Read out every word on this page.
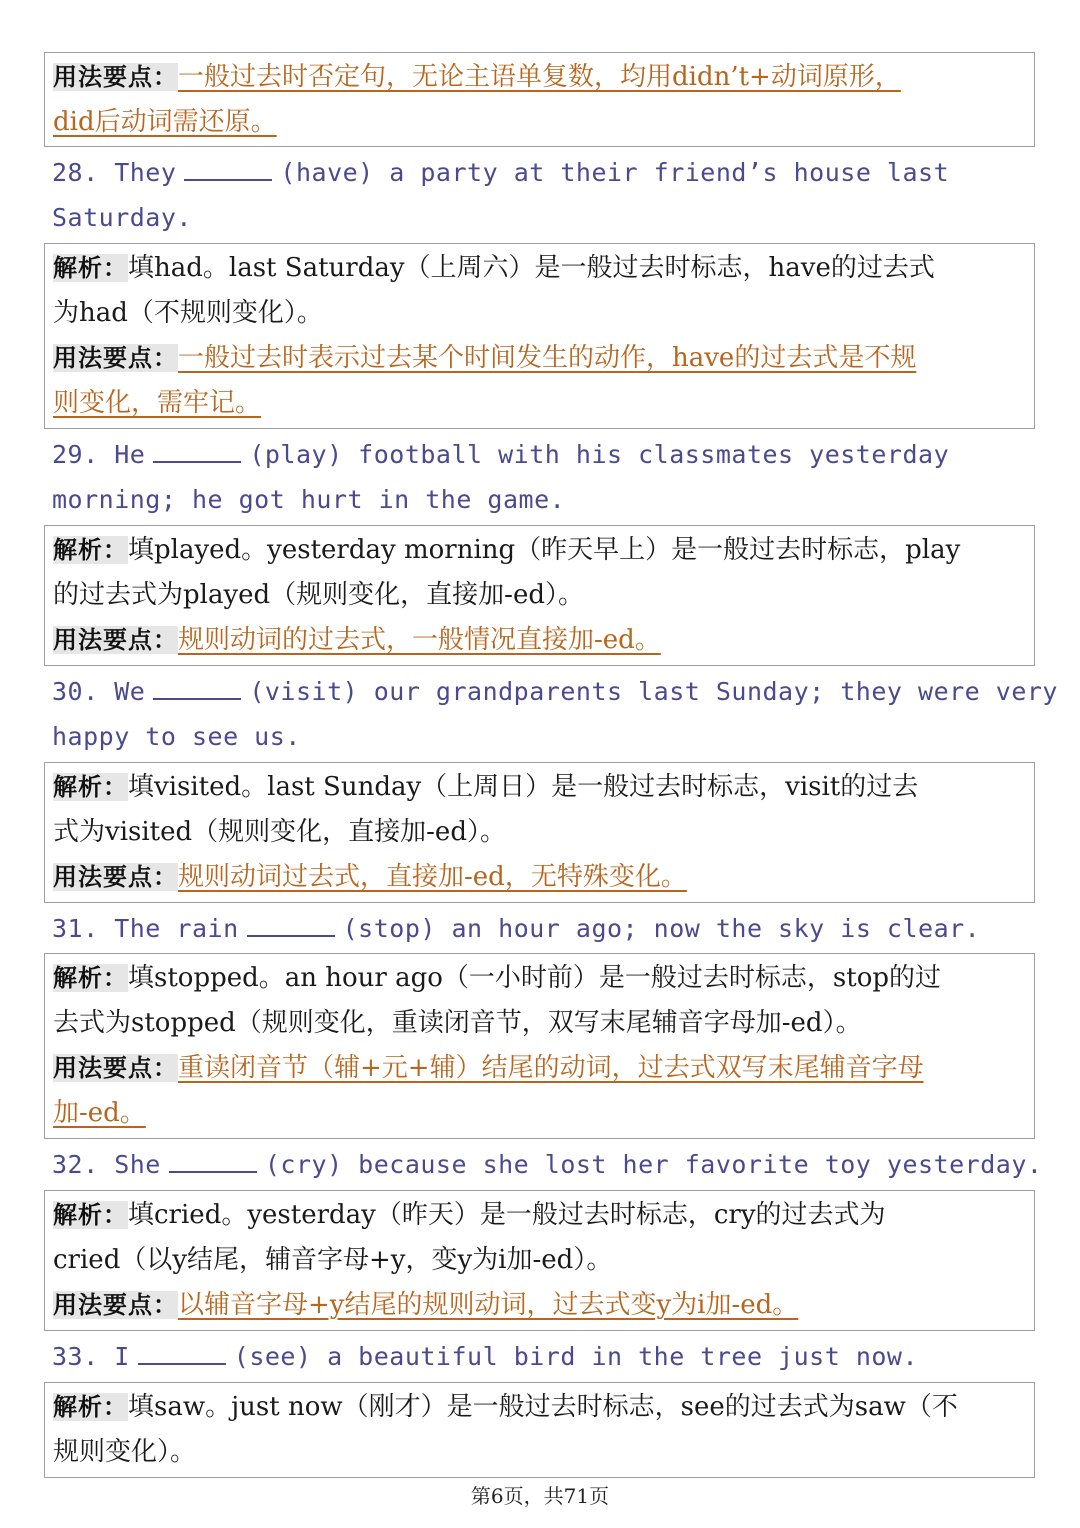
用法要点：一般过去时否定句，无论主语单复数，均用didn’t+动词原形，
did后动词需还原。
28. They	(have) a party at their friend’s house last
Saturday.
解析：填had。last Saturday（上周六）是一般过去时标志，have的过去式
为had（不规则变化）。
用法要点：一般过去时表示过去某个时间发生的动作，have的过去式是不规
则变化，需牢记。
29. He	(play) football with his classmates yesterday
morning; he got hurt in the game.
解析：填played。yesterday morning（昨天早上）是一般过去时标志，play
的过去式为played（规则变化，直接加-ed）。
用法要点：规则动词的过去式，一般情况直接加-ed。
30. We	(visit) our grandparents last Sunday; they were very
happy to see us.
解析：填visited。last Sunday（上周日）是一般过去时标志，visit的过去
式为visited（规则变化，直接加-ed）。
用法要点：规则动词过去式，直接加-ed，无特殊变化。
31. The rain	(stop) an hour ago; now the sky is clear.
解析：填stopped。an hour ago（一小时前）是一般过去时标志，stop的过
去式为stopped（规则变化，重读闭音节，双写末尾辅音字母加-ed）。
用法要点：重读闭音节（辅+元+辅）结尾的动词，过去式双写末尾辅音字母
加-ed。
32. She	(cry) because she lost her favorite toy yesterday.
解析：填cried。yesterday（昨天）是一般过去时标志，cry的过去式为
cried（以y结尾，辅音字母+y，变y为i加-ed）。
用法要点：以辅音字母+y结尾的规则动词，过去式变y为i加-ed。
33. I	(see) a beautiful bird in the tree just now.
解析：填saw。just now（刚才）是一般过去时标志，see的过去式为saw（不
规则变化）。
第6页，共71页
